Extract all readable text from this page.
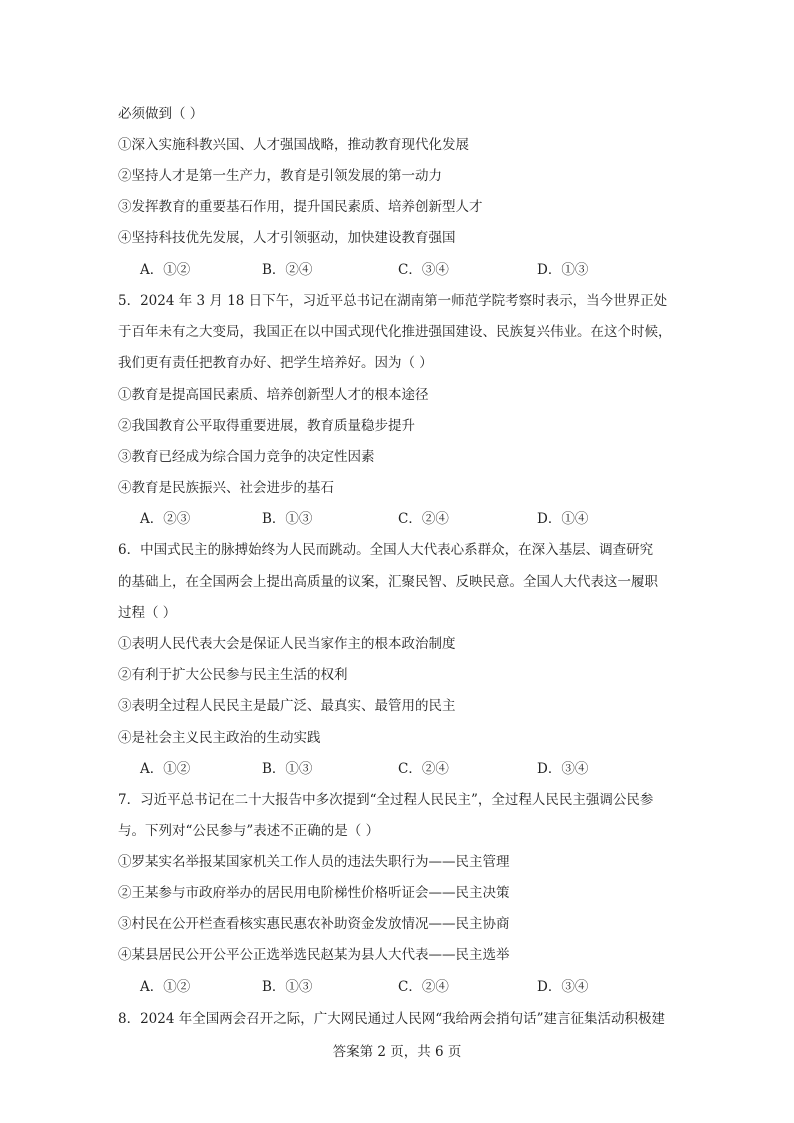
必须做到（ ）
①深入实施科教兴国、人才强国战略，推动教育现代化发展
②坚持人才是第一生产力，教育是引领发展的第一动力
③发挥教育的重要基石作用，提升国民素质、培养创新型人才
④坚持科技优先发展，人才引领驱动，加快建设教育强国
A．①②	B．②④	C．③④	D．①③
5．2024 年 3 月 18 日下午，习近平总书记在湖南第一师范学院考察时表示，当今世界正处
于百年未有之大变局，我国正在以中国式现代化推进强国建设、民族复兴伟业。在这个时候，
我们更有责任把教育办好、把学生培养好。因为（ ）
①教育是提高国民素质、培养创新型人才的根本途径
②我国教育公平取得重要进展，教育质量稳步提升
③教育已经成为综合国力竞争的决定性因素
④教育是民族振兴、社会进步的基石
A．②③	B．①③	C．②④	D．①④
6．中国式民主的脉搏始终为人民而跳动。全国人大代表心系群众，在深入基层、调查研究
的基础上，在全国两会上提出高质量的议案，汇聚民智、反映民意。全国人大代表这一履职
过程（ ）
①表明人民代表大会是保证人民当家作主的根本政治制度
②有利于扩大公民参与民主生活的权利
③表明全过程人民民主是最广泛、最真实、最管用的民主
④是社会主义民主政治的生动实践
A．①②	B．①③	C．②④	D．③④
7．习近平总书记在二十大报告中多次提到“全过程人民民主”，全过程人民民主强调公民参
与。下列对“公民参与”表述不正确的是（ ）
①罗某实名举报某国家机关工作人员的违法失职行为——民主管理
②王某参与市政府举办的居民用电阶梯性价格听证会——民主决策
③村民在公开栏查看核实惠民惠农补助资金发放情况——民主协商
④某县居民公开公平公正选举选民赵某为县人大代表——民主选举
A．①②	B．①③	C．②④	D．③④
8．2024 年全国两会召开之际，广大网民通过人民网“我给两会捎句话”建言征集活动积极建
答案第 2 页，共 6 页
